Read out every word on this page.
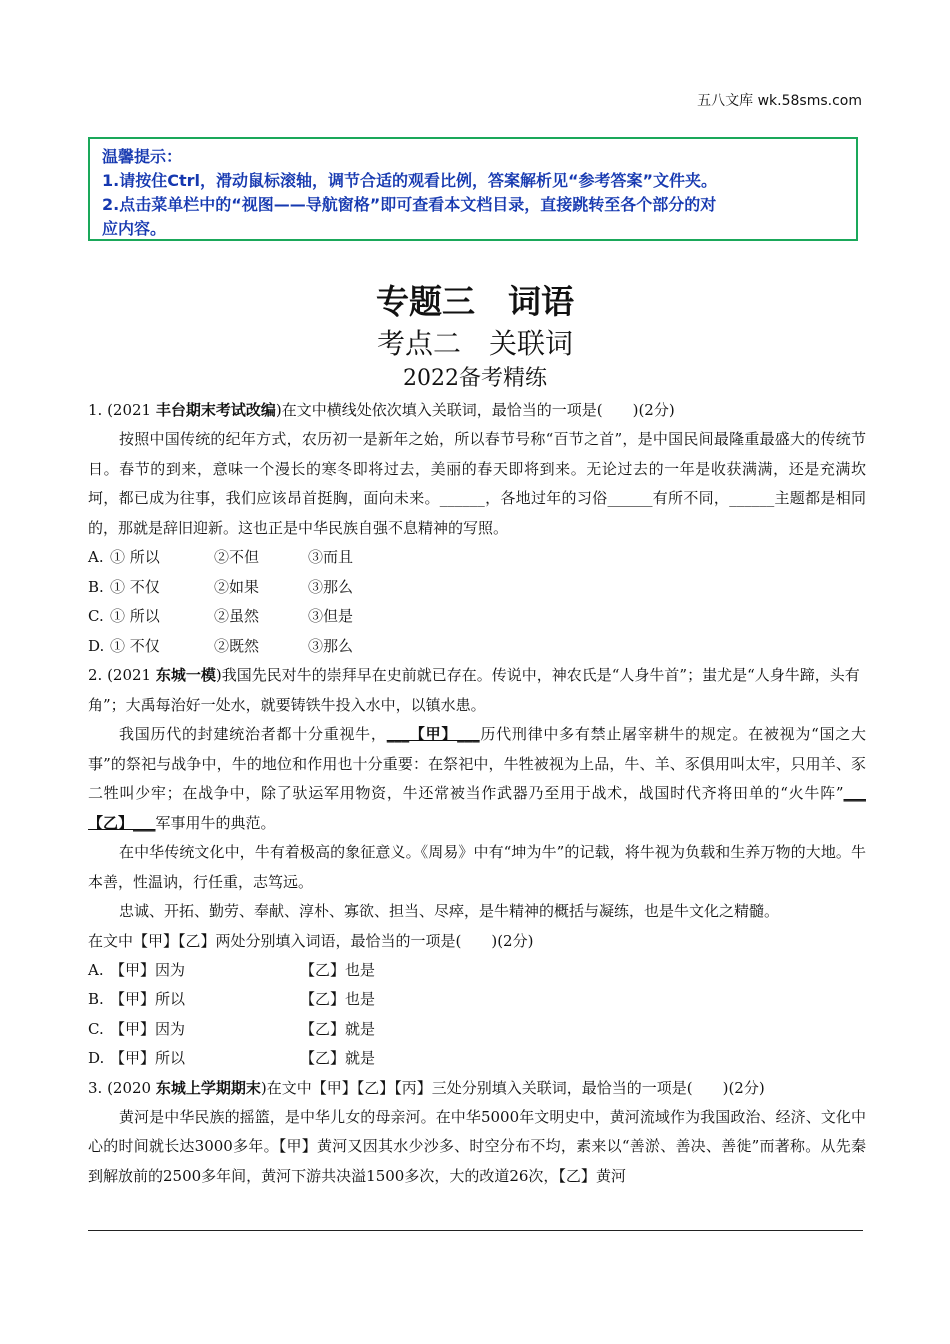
五八文库 wk.58sms.com
温馨提示：
1.请按住Ctrl，滑动鼠标滚轴，调节合适的观看比例，答案解析见“参考答案”文件夹。
2.点击菜单栏中的“视图——导航窗格”即可查看本文档目录，直接跳转至各个部分的对
应内容。
专题三　词语
考点二　关联词
2022备考精练
1. (2021 丰台期末考试改编)在文中横线处依次填入关联词，最恰当的一项是(　　)(2分)
按照中国传统的纪年方式，农历初一是新年之始，所以春节号称“百节之首”，是中国民间最隆重最盛大的传统节日。春节的到来，意味一个漫长的寒冬即将过去，美丽的春天即将到来。无论过去的一年是收获满满，还是充满坎坷，都已成为往事，我们应该昂首挺胸，面向未来。______，各地过年的习俗______有所不同，______主题都是相同的，那就是辞旧迎新。这也正是中华民族自强不息精神的写照。
A. ① 所以	②不但	③而且
B. ① 不仅	②如果	③那么
C. ① 所以	②虽然	③但是
D. ① 不仅	②既然	③那么
2. (2021 东城一模)我国先民对牛的崇拜早在史前就已存在。传说中，神农氏是“人身牛首”；蚩尤是“人身牛蹄，头有角”；大禹每治好一处水，就要铸铁牛投入水中，以镇水患。
我国历代的封建统治者都十分重视牛，___【甲】___历代刑律中多有禁止屠宰耕牛的规定。在被视为“国之大事”的祭祀与战争中，牛的地位和作用也十分重要：在祭祀中，牛牲被视为上品，牛、羊、豕俱用叫太牢，只用羊、豕二牲叫少牢；在战争中，除了驮运军用物资，牛还常被当作武器乃至用于战术，战国时代齐将田单的“火牛阵”___【乙】___军事用牛的典范。
在中华传统文化中，牛有着极高的象征意义。《周易》中有“坤为牛”的记载，将牛视为负载和生养万物的大地。牛本善，性温讷，行任重，志笃远。
忠诚、开拓、勤劳、奉献、淳朴、寡欲、担当、尽瘁，是牛精神的概括与凝练，也是牛文化之精髓。
在文中【甲】【乙】两处分别填入词语，最恰当的一项是(　　)(2分)
A. 【甲】因为	【乙】也是
B. 【甲】所以	【乙】也是
C. 【甲】因为	【乙】就是
D. 【甲】所以	【乙】就是
3. (2020 东城上学期期末)在文中【甲】【乙】【丙】三处分别填入关联词，最恰当的一项是(　　)(2分)
黄河是中华民族的摇篮，是中华儿女的母亲河。在中华5000年文明史中，黄河流域作为我国政治、经济、文化中心的时间就长达3000多年。【甲】黄河又因其水少沙多、时空分布不均，素来以“善淤、善决、善徙”而著称。从先秦到解放前的2500多年间，黄河下游共决溢1500多次，大的改道26次，【乙】黄河
